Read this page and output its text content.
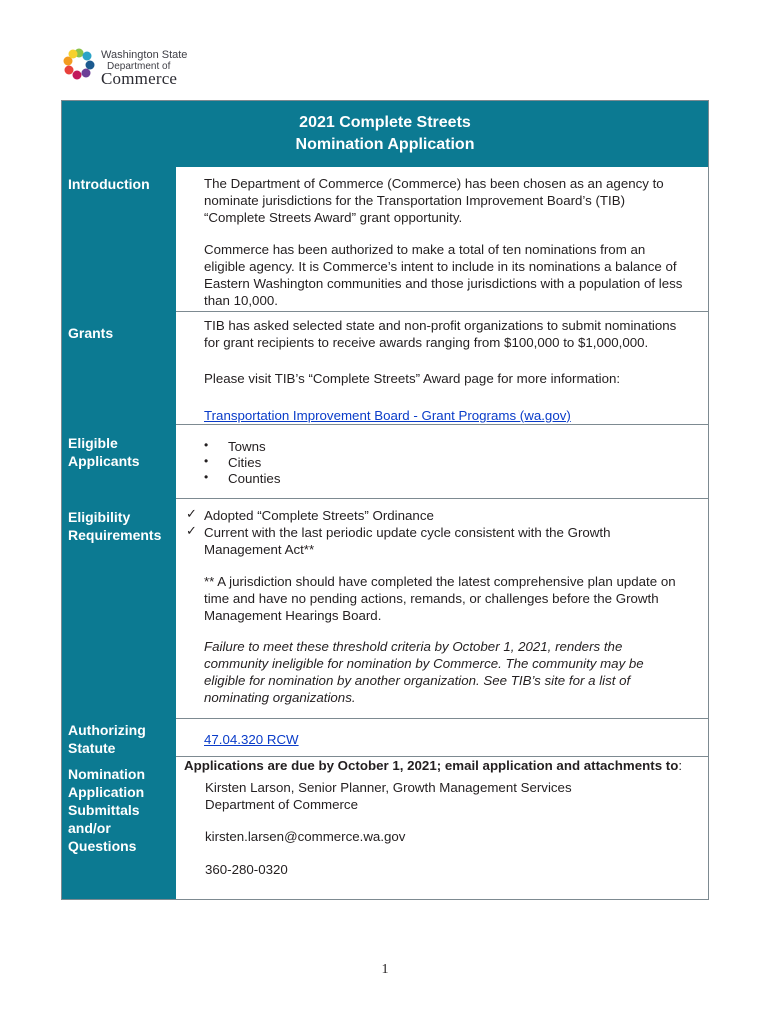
Washington State
Department of
Commerce
2021 Complete Streets
Nomination Application
Introduction	The Department of Commerce (Commerce) has been chosen as an agency to
nominate jurisdictions for the Transportation Improvement Board’s (TIB)
“Complete Streets Award” grant opportunity.
Commerce has been authorized to make a total of ten nominations from an
eligible agency. It is Commerce’s intent to include in its nominations a balance of
Eastern Washington communities and those jurisdictions with a population of less
than 10,000.
Grants	TIB has asked selected state and non-profit organizations to submit nominations
for grant recipients to receive awards ranging from $100,000 to $1,000,000.
Please visit TIB’s “Complete Streets” Award page for more information:
Transportation Improvement Board - Grant Programs (wa.gov)
Eligible
Applicants
• Towns
• Cities
• Counties
Eligibility
Requirements
✓ Adopted “Complete Streets” Ordinance
✓ Current with the last periodic update cycle consistent with the Growth
Management Act**
** A jurisdiction should have completed the latest comprehensive plan update on
time and have no pending actions, remands, or challenges before the Growth
Management Hearings Board.
Failure to meet these threshold criteria by October 1, 2021, renders the
community ineligible for nomination by Commerce. The community may be
eligible for nomination by another organization. See TIB’s site for a list of
nominating organizations.
Authorizing
Statute
47.04.320 RCW
Nomination
Application
Submittals
and/or
Questions
Applications are due by October 1, 2021; email application and attachments to:
Kirsten Larson, Senior Planner, Growth Management Services
Department of Commerce
kirsten.larsen@commerce.wa.gov
360-280-0320
1
